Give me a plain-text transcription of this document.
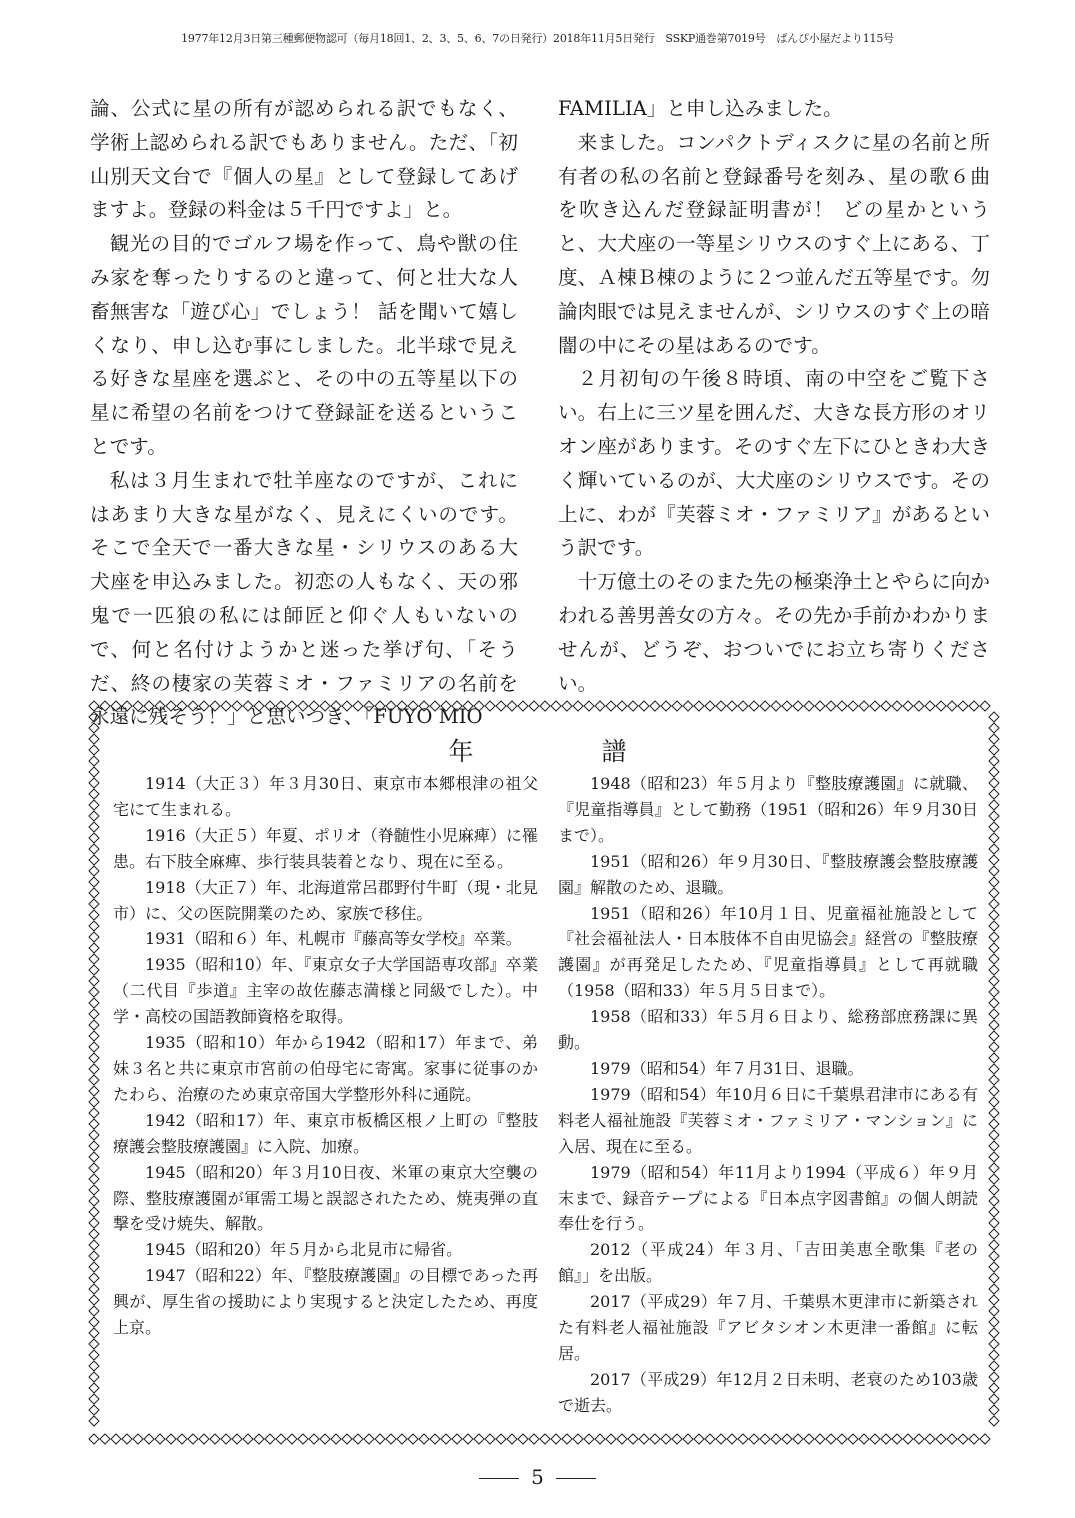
1977年12月3日第三種郵便物認可（毎月18回1、2、3、5、6、7の日発行）2018年11月5日発行　SSKP通巻第7019号　ぱんぴ小屋だより115号

論、公式に星の所有が認められる訳でもなく、学術上認められる訳でもありません。ただ、「初山別天文台で『個人の星』として登録してあげますよ。登録の料金は５千円ですよ」と。

観光の目的でゴルフ場を作って、鳥や獣の住み家を奪ったりするのと違って、何と壮大な人畜無害な「遊び心」でしょう！ 話を聞いて嬉しくなり、申し込む事にしました。北半球で見える好きな星座を選ぶと、その中の五等星以下の星に希望の名前をつけて登録証を送るということです。

私は３月生まれで牡羊座なのですが、これにはあまり大きな星がなく、見えにくいのです。そこで全天で一番大きな星・シリウスのある大犬座を申込みました。初恋の人もなく、天の邪鬼で一匹狼の私には師匠と仰ぐ人もいないので、何と名付けようかと迷った挙げ句、「そうだ、終の棲家の芙蓉ミオ・ファミリアの名前を永遠に残そう！」と思いつき、「FUYO MIO

FAMILIA」と申し込みました。

来ました。コンパクトディスクに星の名前と所有者の私の名前と登録番号を刻み、星の歌６曲を吹き込んだ登録証明書が！ どの星かというと、大犬座の一等星シリウスのすぐ上にある、丁度、Ａ棟Ｂ棟のように２つ並んだ五等星です。勿論肉眼では見えませんが、シリウスのすぐ上の暗闇の中にその星はあるのです。

２月初旬の午後８時頃、南の中空をご覧下さい。右上に三ツ星を囲んだ、大きな長方形のオリオン座があります。そのすぐ左下にひときわ大きく輝いているのが、大犬座のシリウスです。その上に、わが『芙蓉ミオ・ファミリア』があるという訳です。

十万億土のそのまた先の極楽浄土とやらに向かわれる善男善女の方々。その先か手前かわかりませんが、どうぞ、おついでにお立ち寄りください。

年譜

1914（大正３）年３月30日、東京市本郷根津の祖父宅にて生まれる。

1916（大正５）年夏、ポリオ（脊髄性小児麻痺）に罹患。右下肢全麻痺、歩行装具装着となり、現在に至る。

1918（大正７）年、北海道常呂郡野付牛町（現・北見市）に、父の医院開業のため、家族で移住。

1931（昭和６）年、札幌市『藤高等女学校』卒業。

1935（昭和10）年、『東京女子大学国語専攻部』卒業（二代目『歩道』主宰の故佐藤志満様と同級でした）。中学・高校の国語教師資格を取得。

1935（昭和10）年から1942（昭和17）年まで、弟妹３名と共に東京市宮前の伯母宅に寄寓。家事に従事のかたわら、治療のため東京帝国大学整形外科に通院。

1942（昭和17）年、東京市板橋区根ノ上町の『整肢療護会整肢療護園』に入院、加療。

1945（昭和20）年３月10日夜、米軍の東京大空襲の際、整肢療護園が軍需工場と誤認されたため、焼夷弾の直撃を受け焼失、解散。

1945（昭和20）年５月から北見市に帰省。

1947（昭和22）年、『整肢療護園』の目標であった再興が、厚生省の援助により実現すると決定したため、再度上京。

1948（昭和23）年５月より『整肢療護園』に就職、『児童指導員』として勤務（1951（昭和26）年９月30日まで）。

1951（昭和26）年９月30日、『整肢療護会整肢療護園』解散のため、退職。

1951（昭和26）年10月１日、児童福祉施設として『社会福祉法人・日本肢体不自由児協会』経営の『整肢療護園』が再発足したため、『児童指導員』として再就職（1958（昭和33）年５月５日まで）。

1958（昭和33）年５月６日より、総務部庶務課に異動。

1979（昭和54）年７月31日、退職。

1979（昭和54）年10月６日に千葉県君津市にある有料老人福祉施設『芙蓉ミオ・ファミリア・マンション』に入居、現在に至る。

1979（昭和54）年11月より1994（平成６）年９月末まで、録音テープによる『日本点字図書館』の個人朗読奉仕を行う。

2012（平成24）年３月、「吉田美恵全歌集『老の館』」を出版。

2017（平成29）年７月、千葉県木更津市に新築された有料老人福祉施設『アビタシオン木更津一番館』に転居。

2017（平成29）年12月２日未明、老衰のため103歳で逝去。

5
